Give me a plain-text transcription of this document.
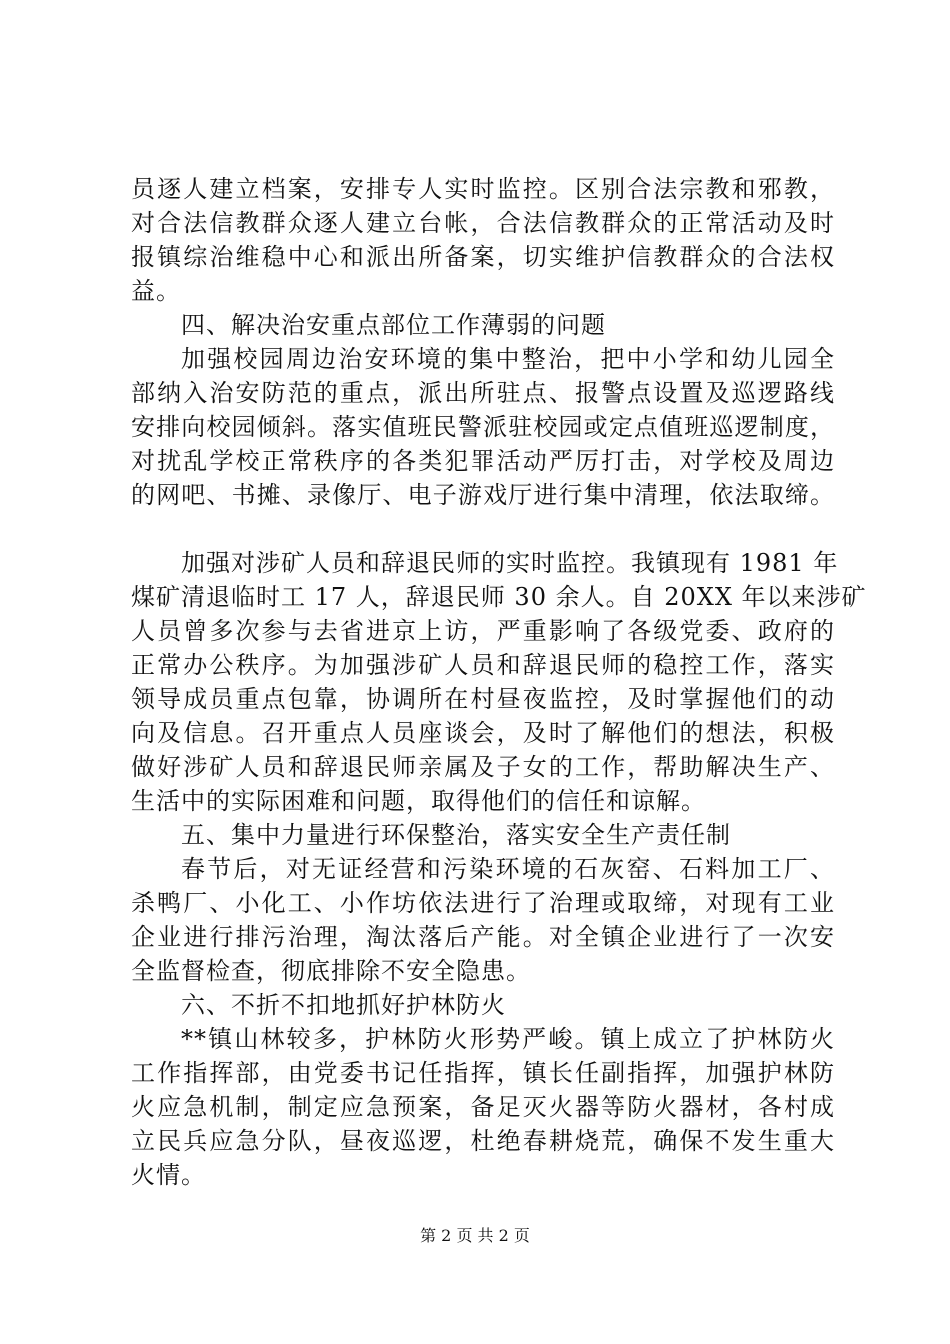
员逐人建立档案，安排专人实时监控。区别合法宗教和邪教，

对合法信教群众逐人建立台帐，合法信教群众的正常活动及时

报镇综治维稳中心和派出所备案，切实维护信教群众的合法权

益。

四、解决治安重点部位工作薄弱的问题

加强校园周边治安环境的集中整治，把中小学和幼儿园全

部纳入治安防范的重点，派出所驻点、报警点设置及巡逻路线

安排向校园倾斜。落实值班民警派驻校园或定点值班巡逻制度，

对扰乱学校正常秩序的各类犯罪活动严厉打击，对学校及周边

的网吧、书摊、录像厅、电子游戏厅进行集中清理，依法取缔。

加强对涉矿人员和辞退民师的实时监控。我镇现有 1981 年

煤矿清退临时工 17 人，辞退民师 30 余人。自 20XX 年以来涉矿

人员曾多次参与去省进京上访，严重影响了各级党委、政府的

正常办公秩序。为加强涉矿人员和辞退民师的稳控工作，落实

领导成员重点包靠，协调所在村昼夜监控，及时掌握他们的动

向及信息。召开重点人员座谈会，及时了解他们的想法，积极

做好涉矿人员和辞退民师亲属及子女的工作，帮助解决生产、

生活中的实际困难和问题，取得他们的信任和谅解。

五、集中力量进行环保整治，落实安全生产责任制

春节后，对无证经营和污染环境的石灰窑、石料加工厂、

杀鸭厂、小化工、小作坊依法进行了治理或取缔，对现有工业

企业进行排污治理，淘汰落后产能。对全镇企业进行了一次安

全监督检查，彻底排除不安全隐患。

六、不折不扣地抓好护林防火

**镇山林较多，护林防火形势严峻。镇上成立了护林防火

工作指挥部，由党委书记任指挥，镇长任副指挥，加强护林防

火应急机制，制定应急预案，备足灭火器等防火器材，各村成

立民兵应急分队，昼夜巡逻，杜绝春耕烧荒，确保不发生重大

火情。

第 2 页 共 2 页
